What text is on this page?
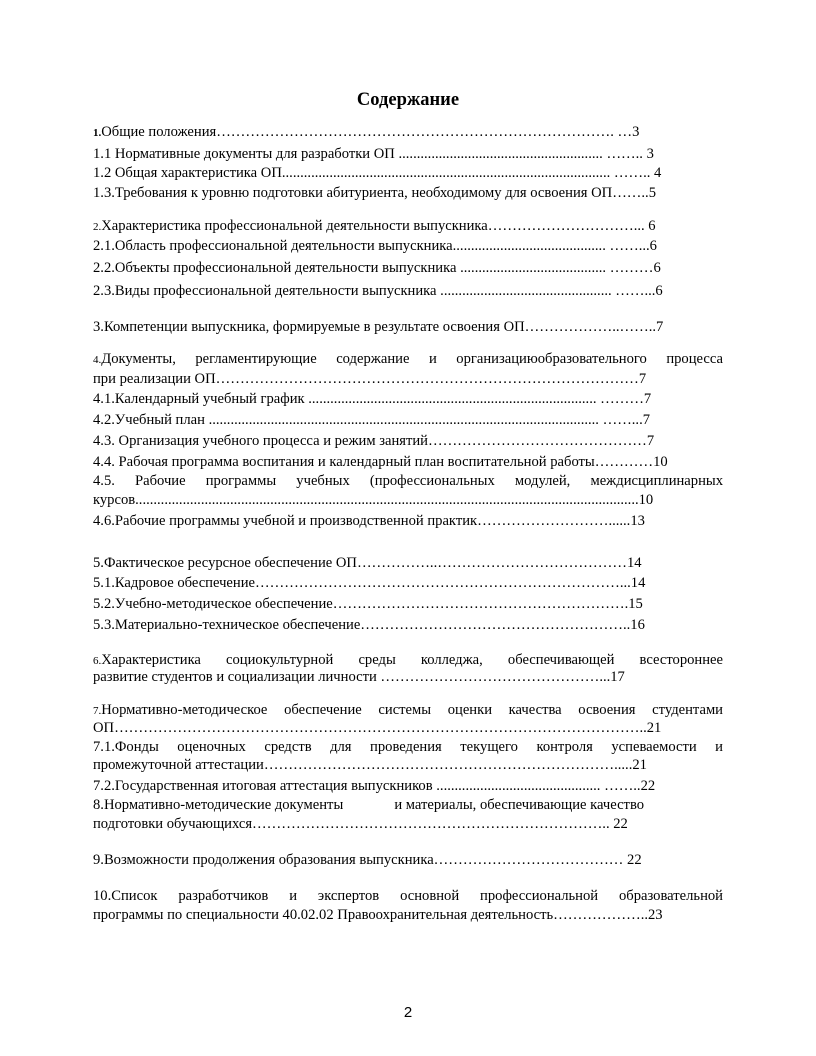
Содержание
1.Общие положения………………………………………………………………………. …3
1.1 Нормативные документы для разработки ОП ........................................................ …….. 3
1.2 Общая характеристика ОП.......................................................................................... …….. 4
1.3.Требования к уровню подготовки абитуриента, необходимому для освоения ОП……..5
2.Характеристика профессиональной деятельности выпускника…………………………... 6
2.1.Область профессиональной деятельности выпускника.......................................... ……...6
2.2.Объекты профессиональной деятельности выпускника ........................................ ………6
2.3.Виды профессиональной деятельности выпускника ............................................... ……...6
3.Компетенции выпускника, формируемые в результате освоения ОП………………..……..7
4.Документы, регламентирующие содержание и организациюобразовательного процесса
при реализации ОП……………………………………………………………………………7
4.1.Календарный учебный график ............................................................................... ………7
4.2.Учебный план ........................................................................................................... ……...7
4.3. Организация учебного процесса и режим занятий………………………………………7
4.4. Рабочая программа воспитания и календарный план воспитательной работы…………10
4.5. Рабочие программы учебных (профессиональных модулей, междисциплинарных
курсов..........................................................................................................................................10
4.6.Рабочие программы учебной и производственной практик………………………......13
5.Фактическое ресурсное обеспечение ОП……………..…………………………………14
5.1.Кадровое обеспечение…………………………………………………………………...14
5.2.Учебно-методическое обеспечение…………………………………………………….15
5.3.Материально-техническое обеспечение………………………………………………..16
6.Характеристика социокультурной среды колледжа, обеспечивающей всестороннее
развитие студентов и социализации личности ………………………………………...17
7.Нормативно-методическое обеспечение системы оценки качества освоения студентами
ОП………………………………………………………………………………………………..21
7.1.Фонды оценочных средств для проведения текущего контроля успеваемости и
промежуточной аттестации……………………………………………………………….....21
7.2.Государственная итоговая аттестация выпускников ............................................. ……..22
8.Нормативно-методические документы              и материалы, обеспечивающие качество
подготовки обучающихся……………………………………………………………….. 22
9.Возможности продолжения образования выпускника………………………………… 22
10.Список разработчиков и экспертов основной профессиональной образовательной
программы по специальности 40.02.02 Правоохранительная деятельность………………..23
2
